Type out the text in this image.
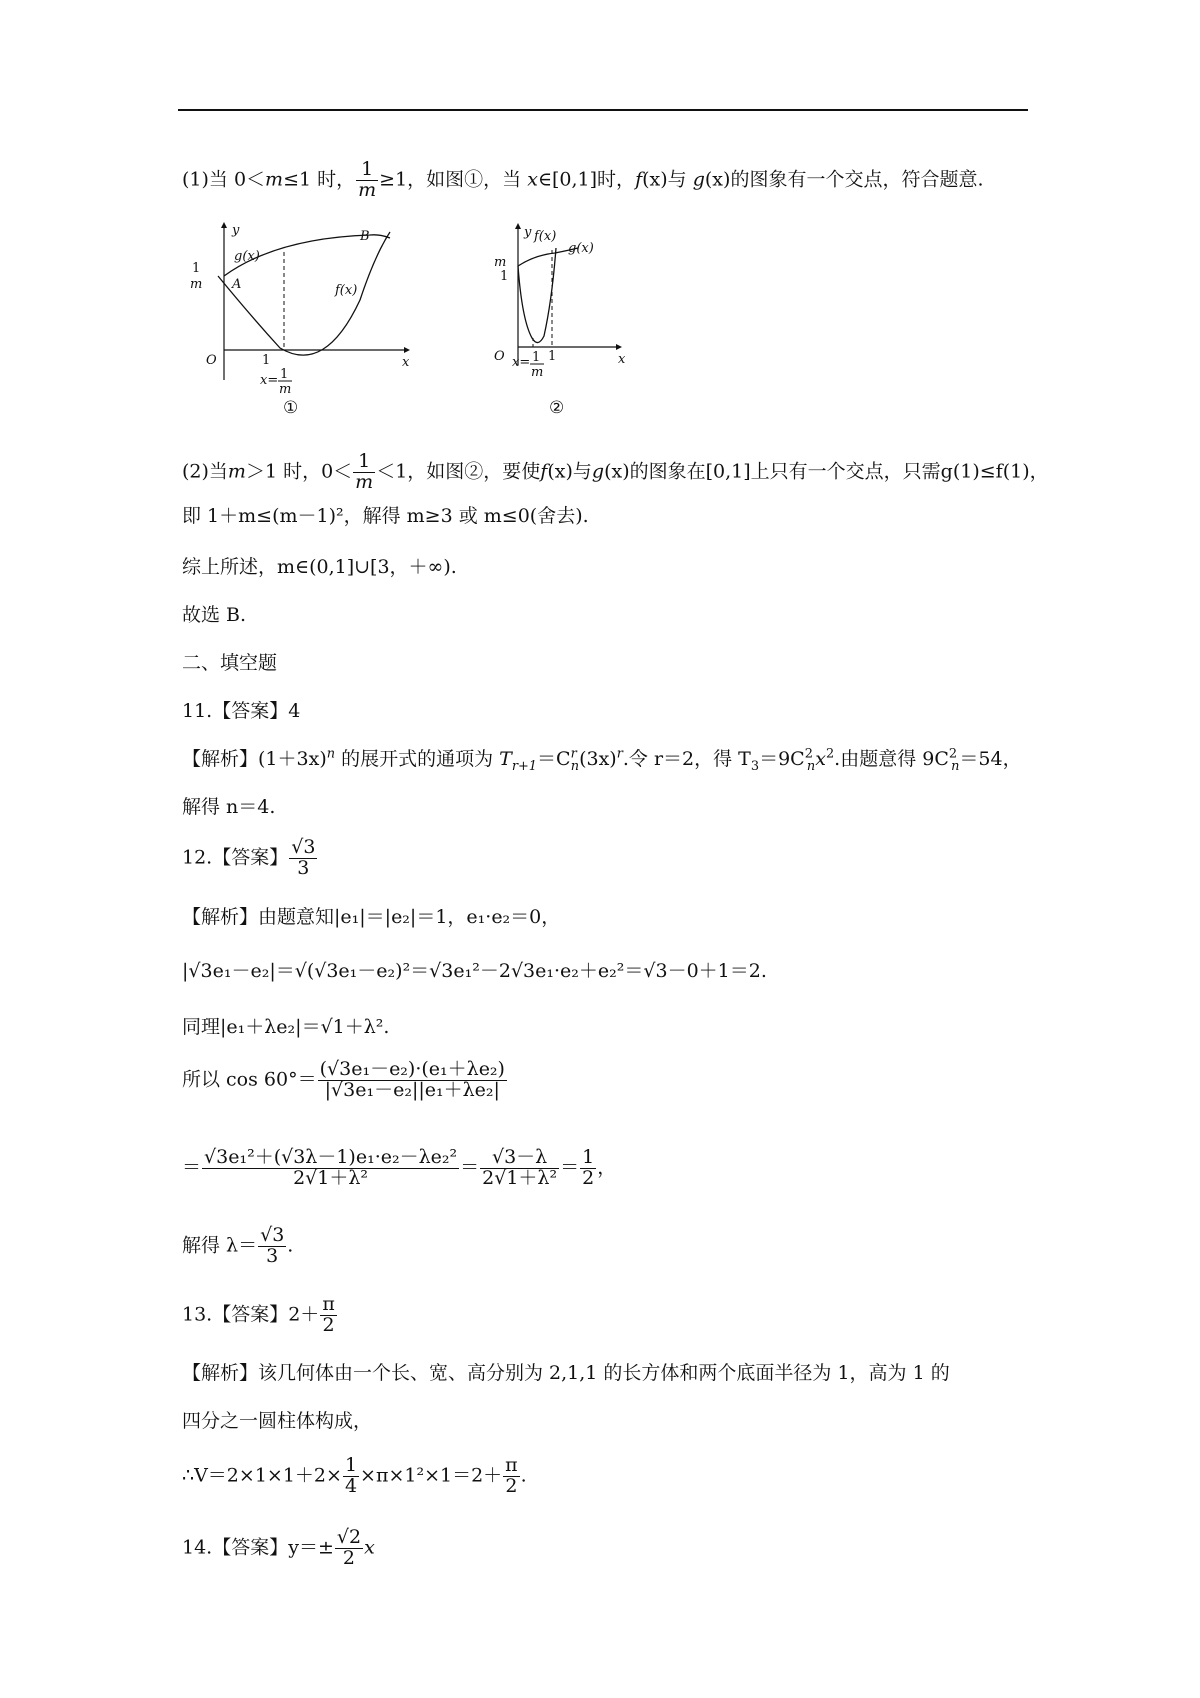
(1)当 0＜m≤1 时， $\frac{1}{m} \ge 1$，如图①，当 x∈[0,1]时，f(x)与 g(x)的图象有一个交点，符合题意.
y
x
O	1
g(x)
f(x)
B
A
1
m
x= 1
m
①
y
x
O	1
f(x)
g(x)
m
1
x= 1
m
②
(2)当m＞1 时，$0< \frac{1}{m} <1$，如图②，要使f(x)与g(x)的图象在[0,1]上只有一个交点，只需g(1)≤f(1)，
即 1＋m≤(m－1)²，解得 m≥3 或 m≤0(舍去).
综上所述，m∈(0,1]∪[3，＋∞).
故选 B.
二、填空题
11.【答案】4
【解析】$(1+3x)^n$ 的展开式的通项为 $T_{r+1}=C^r_n(3x)^r$.令 r＝2，得 $T_3=9C^2_nx^2$.由题意得 $9C^2_n=54$，
解得 n＝4.
12.【答案】 $\frac{√3}{3}$
【解析】由题意知|e₁|＝|e₂|＝1，e₁·e₂＝0，
|√3e₁－e₂|＝√(√3e₁－e₂)²＝√3e₁²－2√3e₁·e₂＋e₂²＝√3－0＋1＝2.
同理|e₁＋λe₂|＝√1＋λ².
所以 $\cos 60^\circ= \frac{\text{(√3e₁－e₂)·(e₁＋λe₂)}}{\text{|√3e₁－e₂||e₁＋λe₂|}}$
＝ $\frac{\text{√3e₁²＋(√3λ－1)e₁·e₂－λe₂²}}{\text{2√1＋λ²}} = \frac{√3-\lambda}{\text{2√1＋λ²}} = \frac{1}{2}$ ，
解得 $\lambda= \frac{√3}{3}$ .
13.【答案】$2+ \frac{\pi}{2}$
【解析】该几何体由一个长、宽、高分别为 2,1,1 的长方体和两个底面半径为 1，高为 1 的
四分之一圆柱体构成，
∴V＝2×1×1＋2× $\frac{1}{4} \times\pi\times 1^2\times 1=2+ \frac{\pi}{2}$ .
14.【答案】$y=\pm \frac{√2}{2}$ x
